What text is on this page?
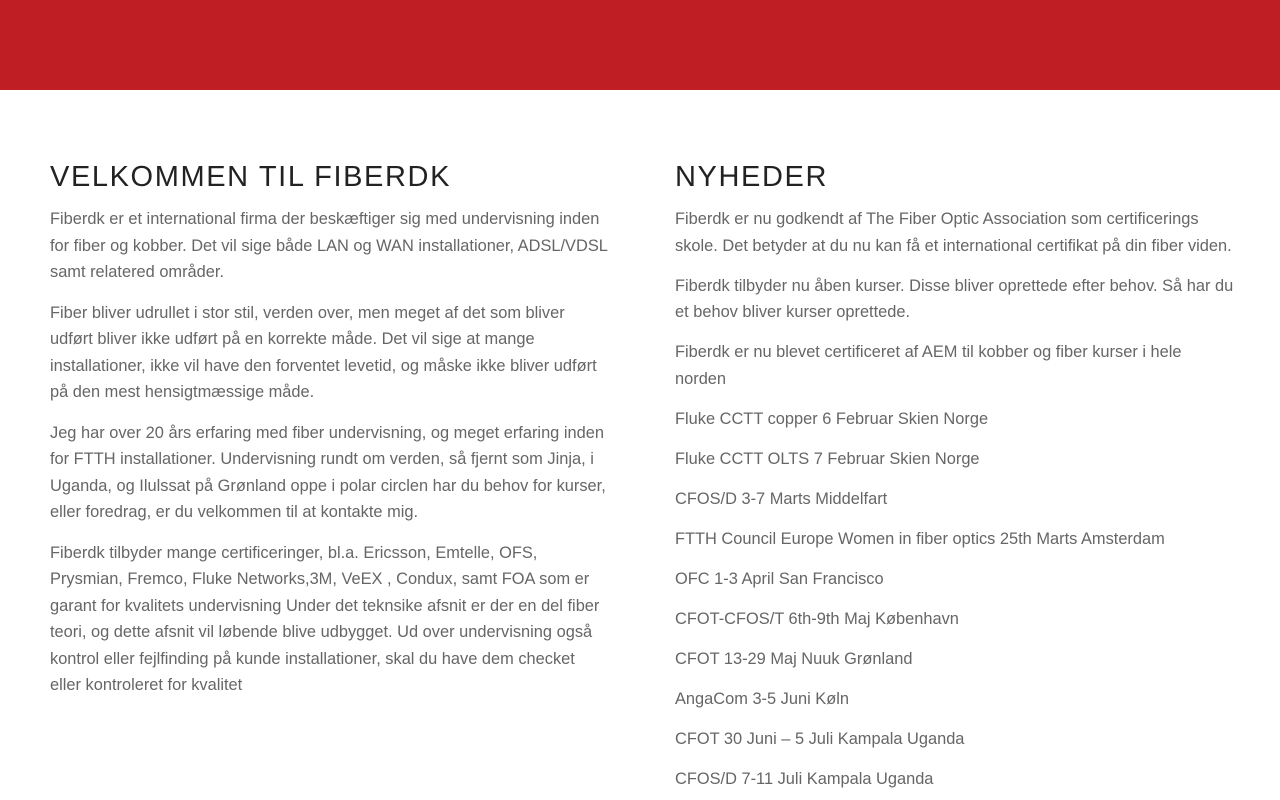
VELKOMMEN TIL FIBERDK

Fiberdk er et international firma der beskæftiger sig med undervisning inden for fiber og kobber. Det vil sige både LAN og WAN installationer, ADSL/VDSL samt relatered områder.

Fiber bliver udrullet i stor stil, verden over, men meget af det som bliver udført bliver ikke udført på en korrekte måde. Det vil sige at mange installationer, ikke vil have den forventet levetid, og måske ikke bliver udført på den mest hensigtmæssige måde.

Jeg har over 20 års erfaring med fiber undervisning, og meget erfaring inden for FTTH installationer. Undervisning rundt om verden, så fjernt som Jinja, i Uganda, og Ilulssat på Grønland oppe i polar circlen har du behov for kurser, eller foredrag, er du velkommen til at kontakte mig.

Fiberdk tilbyder mange certificeringer, bl.a. Ericsson, Emtelle, OFS, Prysmian, Fremco, Fluke Networks,3M, VeEX , Condux, samt FOA som er garant for kvalitets undervisning Under det teknsike afsnit er der en del fiber teori, og dette afsnit vil løbende blive udbygget. Ud over undervisning også kontrol eller fejlfinding på kunde installationer, skal du have dem checket eller kontroleret for kvalitet

NYHEDER

Fiberdk er nu godkendt af The Fiber Optic Association som certificerings skole. Det betyder at du nu kan få et international certifikat på din fiber viden.

Fiberdk tilbyder nu åben kurser. Disse bliver oprettede efter behov. Så har du et behov bliver kurser oprettede.

Fiberdk er nu blevet certificeret af AEM til kobber og fiber kurser i hele norden

Fluke CCTT copper 6 Februar Skien Norge

Fluke CCTT OLTS 7 Februar Skien Norge

CFOS/D 3-7 Marts Middelfart

FTTH Council Europe Women in fiber optics 25th Marts Amsterdam

OFC 1-3 April San Francisco

CFOT-CFOS/T 6th-9th Maj København

CFOT 13-29 Maj Nuuk Grønland

AngaCom 3-5 Juni Køln

CFOT 30 Juni – 5 Juli Kampala Uganda

CFOS/D 7-11 Juli Kampala Uganda
